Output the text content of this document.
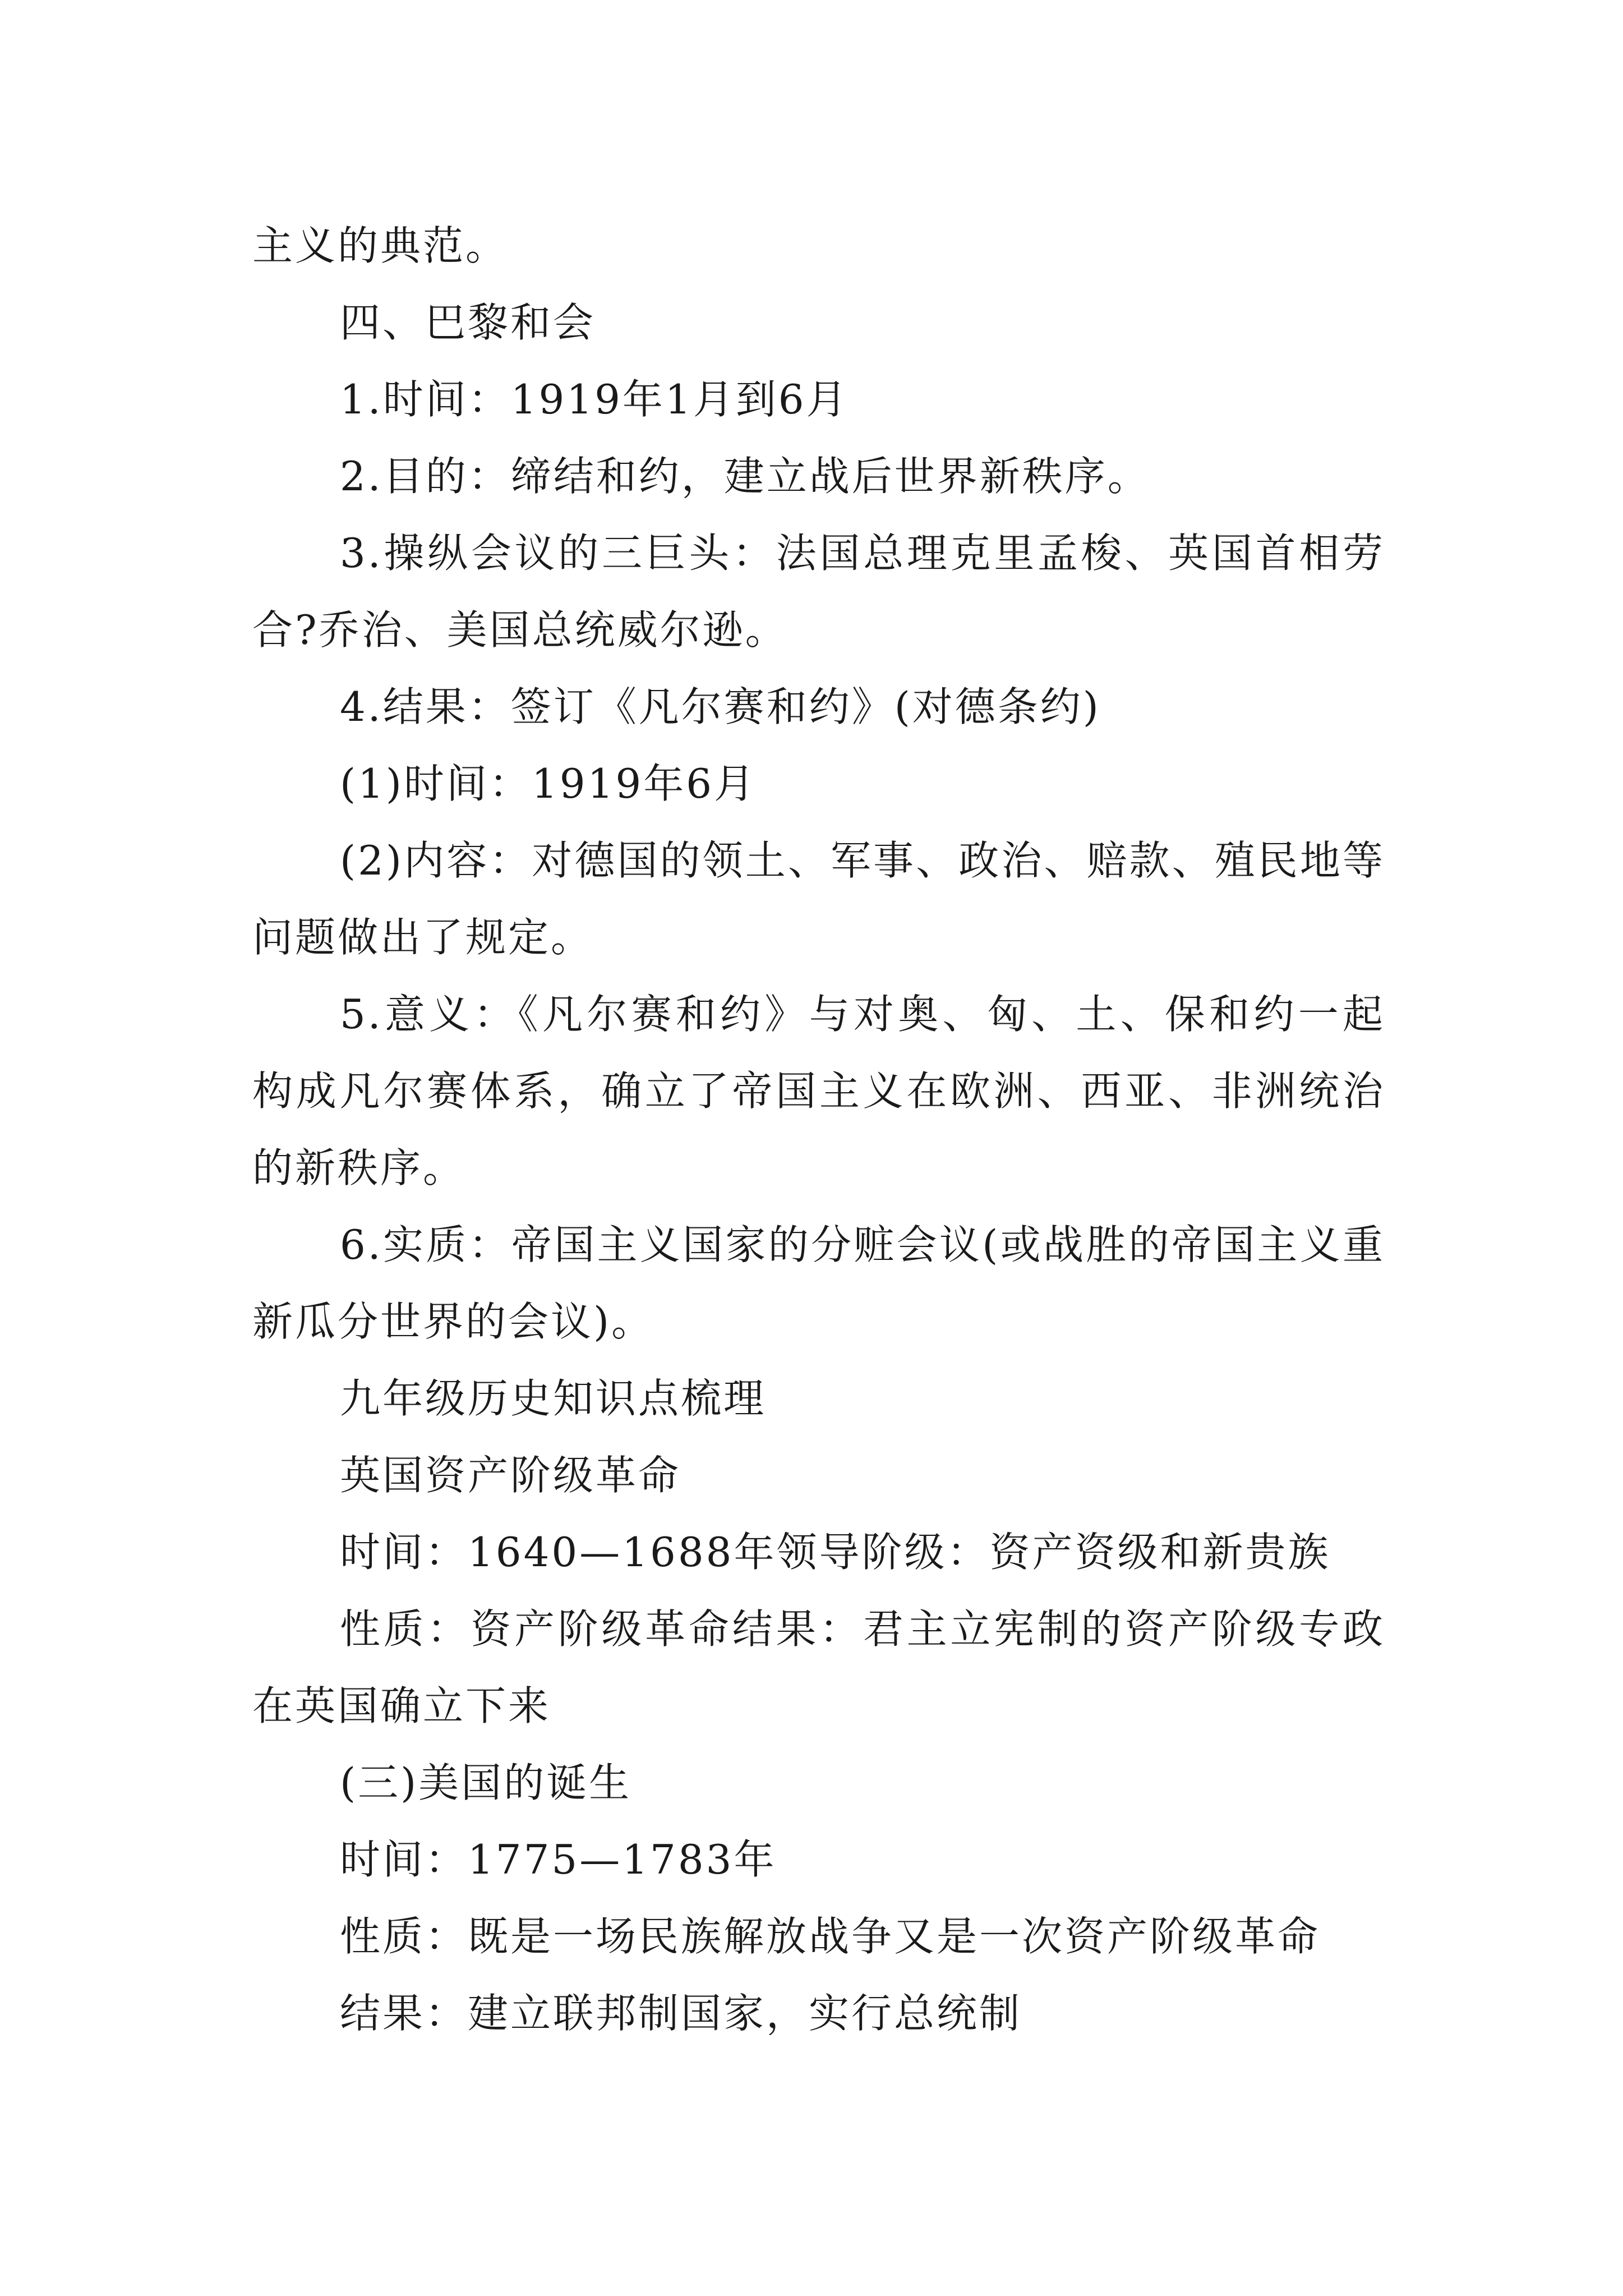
主义的典范。

四、巴黎和会

1.时间：1919年1月到6月

2.目的：缔结和约，建立战后世界新秩序。

3.操纵会议的三巨头：法国总理克里孟梭、英国首相劳合?乔治、美国总统威尔逊。

4.结果：签订《凡尔赛和约》(对德条约)

(1)时间：1919年6月

(2)内容：对德国的领土、军事、政治、赔款、殖民地等问题做出了规定。

5.意义：《凡尔赛和约》与对奥、匈、土、保和约一起构成凡尔赛体系，确立了帝国主义在欧洲、西亚、非洲统治的新秩序。

6.实质：帝国主义国家的分赃会议(或战胜的帝国主义重新瓜分世界的会议)。

九年级历史知识点梳理

英国资产阶级革命

时间：1640—1688年领导阶级：资产资级和新贵族

性质：资产阶级革命结果：君主立宪制的资产阶级专政在英国确立下来

(三)美国的诞生

时间：1775—1783年

性质：既是一场民族解放战争又是一次资产阶级革命

结果：建立联邦制国家，实行总统制
